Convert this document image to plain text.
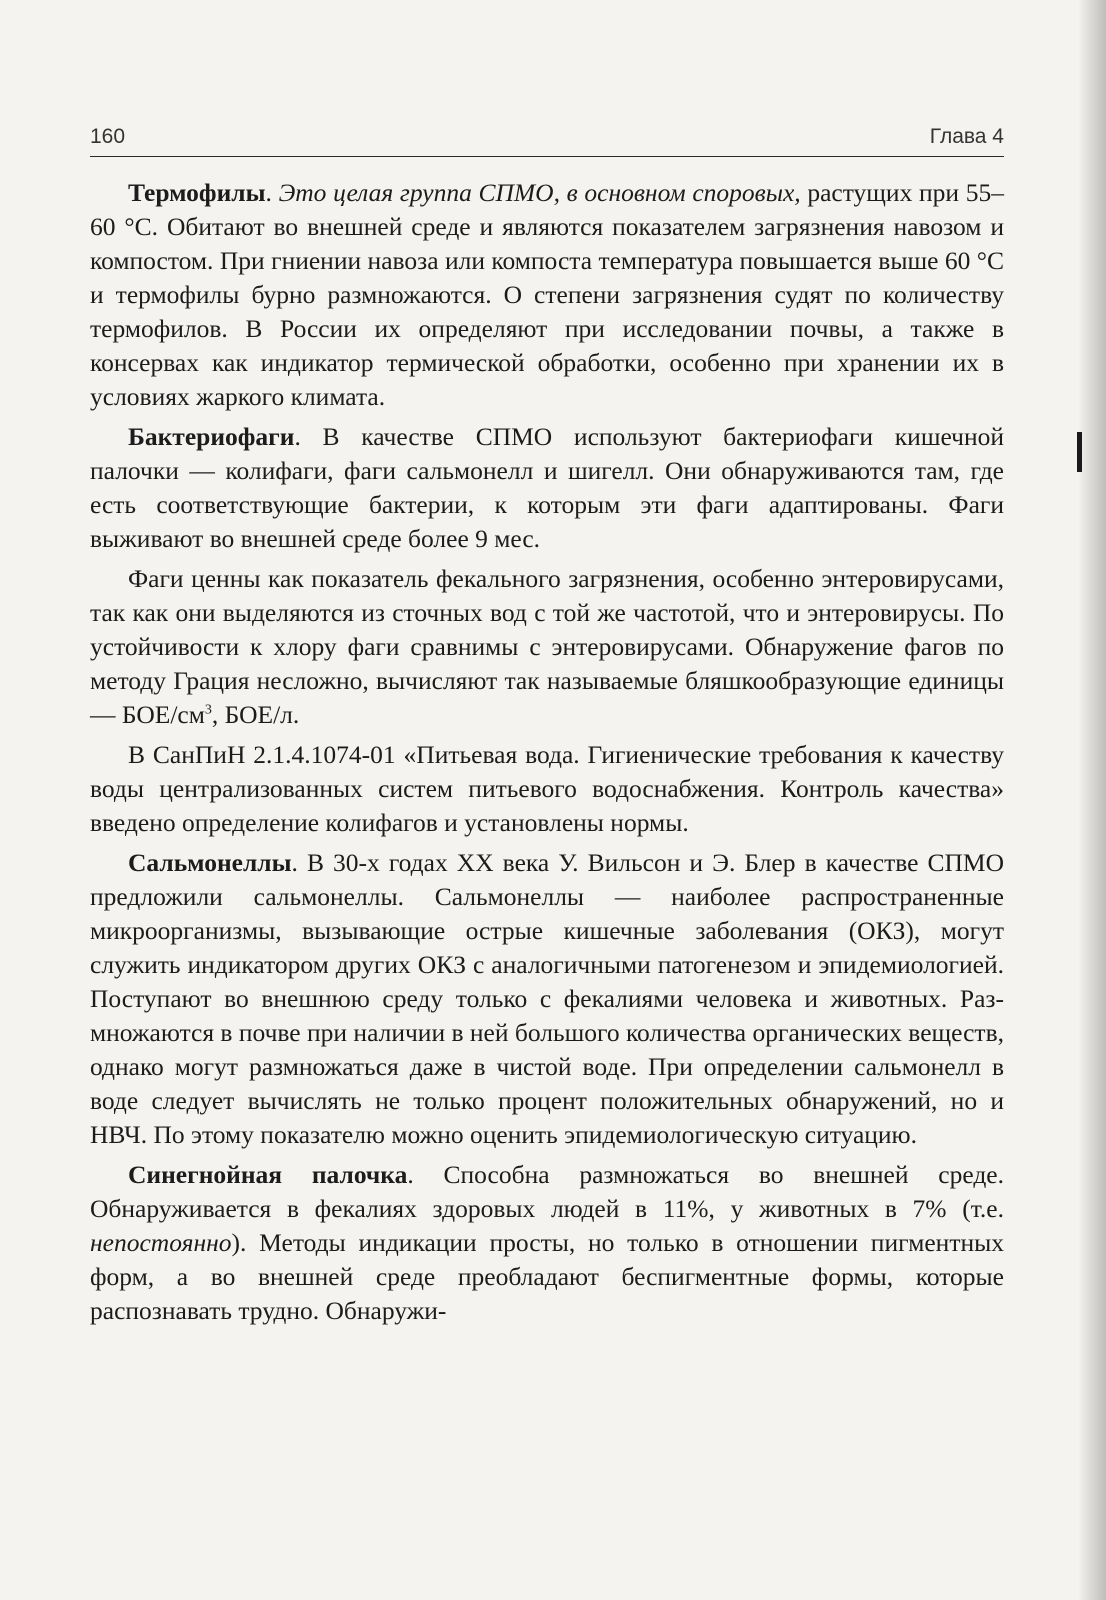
160	Глава 4

Термофилы. Это целая группа СПМО, в основном споровых, растущих при 55–60 °С. Обитают во внешней среде и являются показателем загрязнения навозом и компостом. При гниении навоза или компоста температура повышается выше 60 °С и термофилы бурно размножаются. О степени загрязнения судят по количеству термофилов. В России их определяют при исследовании почвы, а также в консервах как индикатор термической обработки, особенно при хранении их в условиях жаркого климата.

Бактериофаги. В качестве СПМО используют бактериофаги кишечной палочки — колифаги, фаги сальмонелл и шигелл. Они обнаруживаются там, где есть соответствующие бактерии, к которым эти фаги адаптированы. Фаги выживают во внешней среде более 9 мес.

Фаги ценны как показатель фекального загрязнения, особенно энтеровирусами, так как они выделяются из сточных вод с той же частотой, что и энтеровирусы. По устойчивости к хлору фаги сравнимы с энтеровирусами. Обнаружение фагов по методу Грация несложно, вычисляют так называемые бляшкообразующие единицы — БОЕ/$см^3$, БОЕ/л.

В СанПиН 2.1.4.1074-01 «Питьевая вода. Гигиенические требования к качеству воды централизованных систем питьевого водоснабжения. Контроль качества» введено определение колифагов и установлены нормы.

Сальмонеллы. В 30-х годах XX века У. Вильсон и Э. Блер в качестве СПМО предложили сальмонеллы. Сальмонеллы — наиболее распространенные микроорганизмы, вызывающие острые кишечные заболевания (ОКЗ), могут служить индикатором других ОКЗ с аналогичными патогенезом и эпидемиологией. Поступают во внешнюю среду только с фекалиями человека и животных. Размножаются в почве при наличии в ней большого количества органических веществ, однако могут размножаться даже в чистой воде. При определении сальмонелл в воде следует вычислять не только процент положительных обнаружений, но и НВЧ. По этому показателю можно оценить эпидемиологическую ситуацию.

Синегнойная палочка. Способна размножаться во внешней среде. Обнаруживается в фекалиях здоровых людей в 11%, у животных в 7% (т.е. непостоянно). Методы индикации просты, но только в отношении пигментных форм, а во внешней среде преобладают беспигментные формы, которые распознавать трудно. Обнаружи-
